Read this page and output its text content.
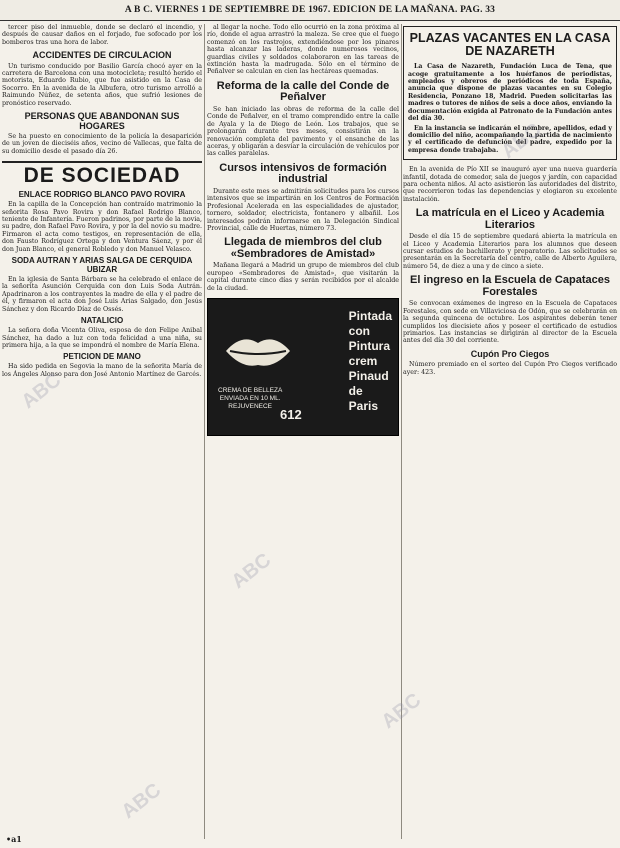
A B C. VIERNES 1 DE SEPTIEMBRE DE 1967. EDICION DE LA MAÑANA. PAG. 33

tercer piso del inmueble, donde se declaró el incendio, y después de causar daños en el forjado, fue sofocado por los bomberos tras una hora de labor.

ACCIDENTES DE CIRCULACION

Un turismo conducido por Basilio García chocó ayer en la carretera de Barcelona con una motocicleta; resultó herido el motorista, Eduardo Rubio, que fue asistido en la Casa de Socorro. En la avenida de la Albufera, otro turismo arrolló a Raimundo Núñez, de setenta años, que sufrió lesiones de pronóstico reservado.

PERSONAS QUE ABANDONAN SUS HOGARES

Se ha puesto en conocimiento de la policía la desaparición de un joven de dieciséis años, vecino de Vallecas, que falta de su domicilio desde el pasado día 26.

DE SOCIEDAD
ENLACE RODRIGO BLANCO PAVO ROVIRA

En la capilla de la Concepción han contraído matrimonio la señorita Rosa Pavo Rovira y don Rafael Rodrigo Blanco, teniente de Infantería. Fueron padrinos, por parte de la novia, su padre, don Rafael Pavo Rovira, y por la del novio su madre. Firmaron el acta como testigos, en representación de ella, don Fausto Rodríguez Ortega y don Ventura Sáenz, y por él don Juan Blanco, el general Robledo y don Manuel Velasco.

SODA AUTRAN Y ARIAS SALGA DE CERQUIDA UBIZAR

En la iglesia de Santa Bárbara se ha celebrado el enlace de la señorita Asunción Cerquida con don Luis Soda Autrán. Apadrinaron a los contrayentes la madre de ella y el padre de él, y firmaron el acta don José Luis Arias Salgado, don Jesús Sánchez y don Ricardo Díaz de Ossés.

NATALICIO

La señora doña Vicenta Oliva, esposa de don Felipe Anibal Sánchez, ha dado a luz con toda felicidad a una niña, su primera hija, a la que se impondrá el nombre de María Elena.

PETICION DE MANO

Ha sido pedida en Segovia la mano de la señorita María de los Ángeles Alonso para don José Antonio Martínez de Garcés.

al llegar la noche. Todo ello ocurrió en la zona próxima al río, donde el agua arrastró la maleza. Se cree que el fuego comenzó en los rastrojos, extendiéndose por los pinares hasta alcanzar las laderas, donde numerosos vecinos, guardias civiles y soldados colaboraron en las tareas de extinción hasta la madrugada. Sólo en el término de Peñalver se calculan en cien las hectáreas quemadas.

Reforma de la calle del Conde de Peñalver

Se han iniciado las obras de reforma de la calle del Conde de Peñalver, en el tramo comprendido entre la calle de Ayala y la de Diego de León. Los trabajos, que se prolongarán durante tres meses, consistirán en la renovación completa del pavimento y el ensanche de las aceras, y obligarán a desviar la circulación de vehículos por las calles paralelas.

Cursos intensivos de formación industrial

Durante este mes se admitirán solicitudes para los cursos intensivos que se impartirán en los Centros de Formación Profesional Acelerada en las especialidades de ajustador, tornero, soldador, electricista, fontanero y albañil. Los interesados podrán informarse en la Delegación Sindical Provincial, calle de Huertas, número 73.

Llegada de miembros del club «Sembradores de Amistad»

Mañana llegará a Madrid un grupo de miembros del club europeo «Sembradores de Amistad», que visitarán la capital durante cinco días y serán recibidos por el alcalde de la ciudad.

Pintada
con
Pintura
crem
Pinaud
de
Paris
CREMA DE BELLEZA
ENVIADA EN 10 ML.
REJUVENECE
612
PLAZAS VACANTES EN LA CASA DE NAZARETH

La Casa de Nazareth, Fundación Luca de Tena, que acoge gratuitamente a los huérfanos de periodistas, empleados y obreros de periódicos de toda España, anuncia que dispone de plazas vacantes en su Colegio Residencia, Ponzano 18, Madrid. Pueden solicitarlas las madres o tutores de niños de seis a doce años, enviando la documentación exigida al Patronato de la Fundación antes del día 30.

En la instancia se indicarán el nombre, apellidos, edad y domicilio del niño, acompañando la partida de nacimiento y el certificado de defunción del padre, expedido por la empresa donde trabajaba.

En la avenida de Pío XII se inauguró ayer una nueva guardería infantil, dotada de comedor, sala de juegos y jardín, con capacidad para ochenta niños. Al acto asistieron las autoridades del distrito, que recorrieron todas las dependencias y elogiaron su excelente instalación.

La matrícula en el Liceo y Academia Literarios

Desde el día 15 de septiembre quedará abierta la matrícula en el Liceo y Academia Literarios para los alumnos que deseen cursar estudios de bachillerato y preparatorio. Las solicitudes se presentarán en la Secretaría del centro, calle de Alberto Aguilera, número 54, de diez a una y de cinco a siete.

El ingreso en la Escuela de Capataces Forestales

Se convocan exámenes de ingreso en la Escuela de Capataces Forestales, con sede en Villaviciosa de Odón, que se celebrarán en la segunda quincena de octubre. Los aspirantes deberán tener cumplidos los diecisiete años y poseer el certificado de estudios primarios. Las instancias se dirigirán al director de la Escuela antes del día 30 del corriente.

Cupón Pro Ciegos

Número premiado en el sorteo del Cupón Pro Ciegos verificado ayer: 423.

•a1
ABC
ABC
ABC
ABC
ABC
